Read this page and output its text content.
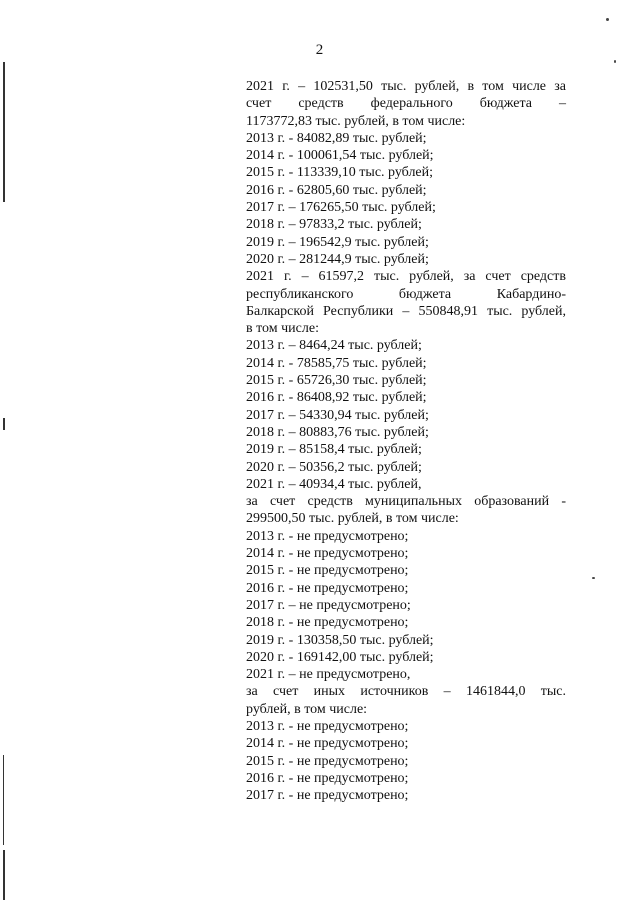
2
2021 г. – 102531,50 тыс. рублей, в том числе за
счет средств федерального бюджета –
1173772,83 тыс. рублей, в том числе:
2013 г. - 84082,89 тыс. рублей;
2014 г. - 100061,54 тыс. рублей;
2015 г. - 113339,10 тыс. рублей;
2016 г. - 62805,60 тыс. рублей;
2017 г. – 176265,50 тыс. рублей;
2018 г. – 97833,2 тыс. рублей;
2019 г. – 196542,9 тыс. рублей;
2020 г. – 281244,9 тыс. рублей;
2021 г. – 61597,2 тыс. рублей, за счет средств
республиканского бюджета Кабардино-
Балкарской Республики – 550848,91 тыс. рублей,
в том числе:
2013 г. – 8464,24 тыс. рублей;
2014 г. - 78585,75 тыс. рублей;
2015 г. - 65726,30 тыс. рублей;
2016 г. - 86408,92 тыс. рублей;
2017 г. – 54330,94 тыс. рублей;
2018 г. – 80883,76 тыс. рублей;
2019 г. – 85158,4 тыс. рублей;
2020 г. – 50356,2 тыс. рублей;
2021 г. – 40934,4 тыс. рублей,
за счет средств муниципальных образований -
299500,50 тыс. рублей, в том числе:
2013 г. - не предусмотрено;
2014 г. - не предусмотрено;
2015 г. - не предусмотрено;
2016 г. - не предусмотрено;
2017 г. – не предусмотрено;
2018 г. - не предусмотрено;
2019 г. - 130358,50 тыс. рублей;
2020 г. - 169142,00 тыс. рублей;
2021 г. – не предусмотрено,
за счет иных источников – 1461844,0 тыс.
рублей, в том числе:
2013 г. - не предусмотрено;
2014 г. - не предусмотрено;
2015 г. - не предусмотрено;
2016 г. - не предусмотрено;
2017 г. - не предусмотрено;
